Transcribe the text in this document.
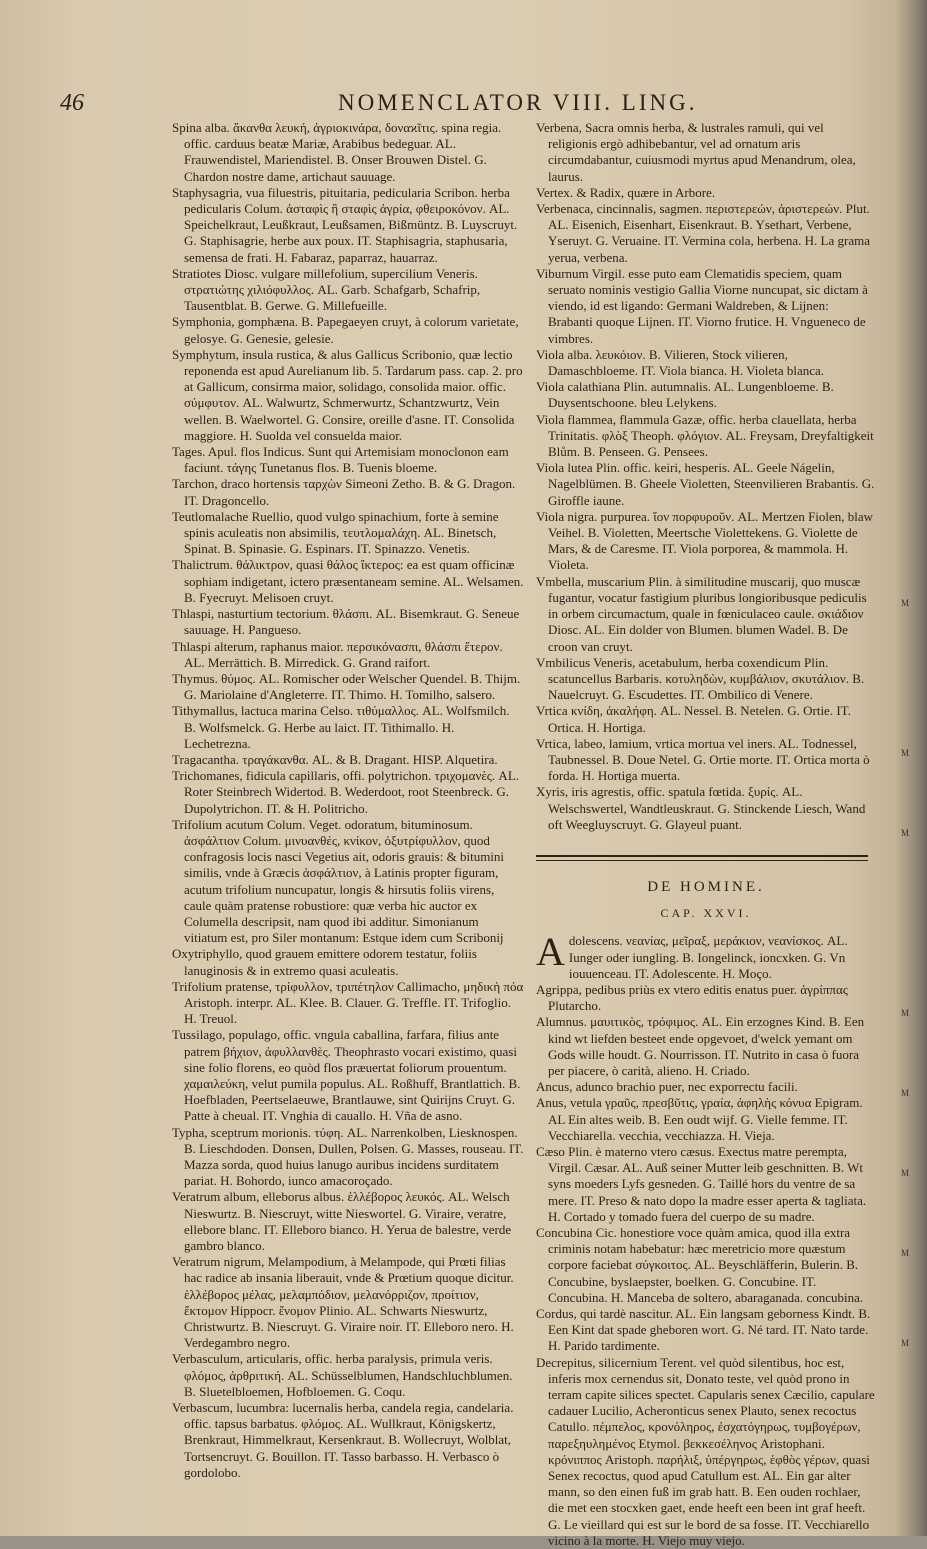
46	NOMENCLATOR VIII. LING.

Spina alba. ἄκανθα λευκή, ἀγριοκινάρα, δοναϰῖτις. spina regia. offic. carduus beatæ Mariæ, Arabibus bedeguar. AL. Frauwendistel, Mariendistel. B. Onser Brouwen Distel. G. Chardon nostre dame, artichaut sauuage.

Staphysagria, vua filuestris, pituitaria, pedicularia Scribon. herba pedicularis Colum. ἀσταφὶς ἢ σταφὶς ἀγρία, φθειροκόνον. AL. Speichelkraut, Leußkraut, Leußsamen, Bißmüntz. B. Luyscruyt. G. Staphisagrie, herbe aux poux. IT. Staphisagria, staphusaria, semensa de frati. H. Fabaraz, paparraz, hauarraz.

Stratiotes Diosc. vulgare millefolium, supercilium Veneris. στρατιώτης χιλιόφυλλος. AL. Garb. Schafgarb, Schafrip, Tausentblat. B. Gerwe. G. Millefueille.

Symphonia, gomphæna. B. Papegaeyen cruyt, à colorum varietate, gelosye. G. Genesie, gelesie.

Symphytum, insula rustica, & alus Gallicus Scribonio, quæ lectio reponenda est apud Aurelianum lib. 5. Tardarum pass. cap. 2. pro at Gallicum, consirma maior, solidago, consolida maior. offic. σύμφυτον. AL. Walwurtz, Schmerwurtz, Schantzwurtz, Vein wellen. B. Waelwortel. G. Consire, oreille d'asne. IT. Consolida maggiore. H. Suolda vel consuelda maior.

Tages. Apul. flos Indicus. Sunt qui Artemisiam monoclonon eam faciunt. τάγης Tunetanus flos. B. Tuenis bloeme.

Tarchon, draco hortensis ταρχὼν Simeoni Zetho. B. & G. Dragon. IT. Dragoncello.

Teutlomalache Ruellio, quod vulgo spinachium, forte à semine spinis aculeatis non absimilis, τευτλομαλάχη. AL. Binetsch, Spinat. B. Spinasie. G. Espinars. IT. Spinazzo. Venetis.

Thalictrum. θάλικτρον, quasi θάλος ἴκτερος: ea est quam officinæ sophiam indigetant, ictero præsentaneam semine. AL. Welsamen. B. Fyecruyt. Melisoen cruyt.

Thlaspi, nasturtium tectorium. θλάσπι. AL. Bisemkraut. G. Seneue sauuage. H. Panguesо.

Thlaspi alterum, raphanus maior. περσικόνασπι, θλάσπι ἕτερον. AL. Merrättich. B. Mirredick. G. Grand raifort.

Thymus. θύμος. AL. Romischer oder Welscher Quendel. B. Thijm. G. Mariolaine d'Angleterre. IT. Thimo. H. Tomilho, salsero.

Tithymallus, lactuca marina Celso. τιθύμαλλος. AL. Wolfsmilch. B. Wolfsmelck. G. Herbe au laict. IT. Tithimallo. H. Lechetrezna.

Tragacantha. τραγάκανθα. AL. & B. Dragant. HISP. Alquetira.

Trichomanes, fidicula capillaris, offi. polytrichon. τριχομανὲς. AL. Roter Steinbrech Widertod. B. Wederdoot, root Steenbreck. G. Dupolytrichon. IT. & H. Politricho.

Trifolium acutum Colum. Veget. odoratum, bituminosum. ἀσφάλτιον Colum. μινυανθές, κνίκον, ὀξυτρίφυλλον, quod confragosis locis nasci Vegetius ait, odoris grauis: & bitumini similis, vnde à Græcis ἀσφάλτιον, à Latinis propter figuram, acutum trifolium nuncupatur, longis & hirsutis foliis virens, caule quàm pratense robustiore: quæ verba hic auctor ex Columella descripsit, nam quod ibi additur. Simonianum vitiatum est, pro Siler montanum: Estque idem cum Scribonij

Oxytriphyllo, quod grauem emittere odorem testatur, foliis lanuginosis & in extremo quasi aculeatis.

Trifolium pratense, τρίφυλλον, τριπέτηλον Callimacho, μηδικὴ πόα Aristoph. interpr. AL. Klee. B. Clauer. G. Treffle. IT. Trifoglio. H. Treuol.

Tussilago, populago, offic. vngula caballina, farfara, filius ante patrem βήχιον, ἀφυλλανθὲς. Theophrasto vocari existimo, quasi sine folio florens, eo quòd flos præuertat foliorum prouentum. χαμαιλεύκη, velut pumila populus. AL. Roßhuff, Brantlattich. B. Hoefbladen, Peertselaeuwe, Brantlauwe, sint Quirijns Cruyt. G. Patte à cheual. IT. Vnghia di cauallo. H. Vña de asno.

Typha, sceptrum morionis. τύφη. AL. Narrenkolben, Liesknospen. B. Lieschdoden. Donsen, Dullen, Polsen. G. Masses, rouseau. IT. Mazza sorda, quod huius lanugo auribus incidens surditatem pariat. H. Bohordo, iunco amacoroçado.

Veratrum album, elleborus albus. ἑλλέβορος λευκός. AL. Welsch Nieswurtz. B. Niescruyt, witte Nieswortel. G. Viraire, veratre, ellebore blanc. IT. Elleboro bianco. H. Yerua de balestre, verde gambro blanco.

Veratrum nigrum, Melampodium, à Melampode, qui Prœti filias hac radice ab insania liberauit, vnde & Prœtium quoque dicitur. ἑλλέβορος μέλας, μελαμπόδιον, μελανόρριζον, πρoίτιον, ἔκτομον Hippocr. ἔνομον Plinio. AL. Schwarts Nieswurtz, Christwurtz. B. Niescruyt. G. Viraire noir. IT. Elleboro nero. H. Verdegambro negro.

Verbasculum, articularis, offic. herba paralysis, primula veris. φλόμος, ἀρθριτική. AL. Schüsselblumen, Handschluchblumen. B. Sluetelbloemen, Hofbloemen. G. Coqu.

Verbascum, lucumbra: lucernalis herba, candela regia, candelaria. offic. tapsus barbatus. φλόμος. AL. Wullkraut, Königskertz, Brenkraut, Himmelkraut, Kersenkraut. B. Wollecruyt, Wolblat, Tortsencruyt. G. Bouillon. IT. Tasso barbasso. H. Verbasco ò gordolobo.

Verbena, Sacra omnis herba, & lustrales ramuli, qui vel religionis ergò adhibebantur, vel ad ornatum aris circumdabantur, cuiusmodi myrtus apud Menandrum, olea, laurus.

Vertex. & Radix, quære in Arbore.

Verbenaca, cincinnalis, sagmen. περιστερεών, ἀριστερεών. Plut. AL. Eisenich, Eisenhart, Eisenkraut. B. Ysethart, Verbene, Yseruyt. G. Veruaine. IT. Vermina cola, herbena. H. La grama yerua, verbena.

Viburnum Virgil. esse puto eam Clematidis speciem, quam seruato nominis vestigio Gallia Viorne nuncupat, sic dictam à viendo, id est ligando: Germani Waldreben, & Lijnen: Brabanti quoque Lijnen. IT. Viorno frutice. H. Vngueneco de vimbres.

Viola alba. λευκόιον. B. Vilieren, Stock vilieren, Damaschbloeme. IT. Viola bianca. H. Violeta blanca.

Viola calathiana Plin. autumnalis. AL. Lungenbloeme. B. Duysentschoone. bleu Lelykens.

Viola flammea, flammula Gazæ, offic. herba clauellata, herba Trinitatis. φλὸξ Theoph. φλόγιον. AL. Freysam, Dreyfaltigkeit Blům. B. Penseen. G. Pensees.

Viola lutea Plin. offic. keiri, hesperis. AL. Geele Nágelin, Nagelblümen. B. Gheele Violetten, Steenvilieren Brabantis. G. Giroffle iaune.

Viola nigra. purpurea. ἴον πορφυροῦν. AL. Mertzen Fiolen, blaw Veihel. B. Violetten, Meertsche Violettekens. G. Violette de Mars, & de Caresme. IT. Viola porporea, & mammola. H. Violeta.

Vmbella, muscarium Plin. à similitudine muscarij, quo muscæ fugantur, vocatur fastigium pluribus longioribusque pediculis in orbem circumactum, quale in fœniculaceo caule. σκιάδιον Diosc. AL. Ein dolder von Blumen. blumen Wadel. B. De croon van cruyt.

Vmbilicus Veneris, acetabulum, herba coxendicum Plin. scatuncellus Barbaris. κοτυληδὼν, κυμβάλιον, σκυτάλιον. B. Nauelcruyt. G. Escudettes. IT. Ombilico di Venere.

Vrtica κνίδη, ἀκαλήφη. AL. Nessel. B. Netelen. G. Ortie. IT. Ortica. H. Hortiga.

Vrtica, labeo, lamium, vrtica mortua vel iners. AL. Todnessel, Taubnessel. B. Doue Netel. G. Ortie morte. IT. Ortica morta ò forda. H. Hortiga muerta.

Xyris, iris agrestis, offic. spatula fœtida. ξυρίς. AL. Welschswertel, Wandtleuskraut. G. Stinckende Liesch, Wand oft Weegluyscruyt. G. Glayeul puant.

DE HOMINE.
CAP. XXVI.

Adolescens. νεανίας, μεῖραξ, μεράκιον, νεανίσκος. AL. Iunger oder iungling. B. Iongelinck, ioncxken. G. Vn iouuenceau. IT. Adolescente. H. Moço.

Agrippa, pedibus priùs ex vtero editis enatus puer. ἀγρίππας Plutarcho.

Alumnus. μαυιτικὸς, τρόφιμος. AL. Ein erzognes Kind. B. Een kind wt liefden besteet ende opgevoet, d'welck yemant om Gods wille houdt. G. Nourrisson. IT. Nutrito in casa ò fuora per piacere, ò carità, alieno. H. Criado.

Ancus, adunco brachio puer, nec exporrectu facili.

Anus, vetula γραῦς, πρεσβῦτις, γραία, ἀφηλὴς κόνυα Epigram. AL Ein altes weib. B. Een oudt wijf. G. Vielle femme. IT. Vecchiarella. vecchia, vecchiazza. H. Vieja.

Cæso Plin. è materno vtero cæsus. Exectus matre perempta, Virgil. Cæsar. AL. Auß seiner Mutter leib geschnitten. B. Wt syns moeders Lyfs gesneden. G. Taillé hors du ventre de sa mere. IT. Preso & nato dopo la madre esser aperta & tagliata. H. Cortado y tomado fuera del cuerpo de su madre.

Concubina Cic. honestiore voce quàm amica, quod illa extra criminis notam habebatur: hæc meretricio more quæstum corpore faciebat σύγκοιτος. AL. Beyschläfferin, Bulerin. B. Concubine, byslaepster, boelken. G. Concubine. IT. Concubina. H. Manceba de soltero, abaraganada. concubina.

Cordus, qui tardè nascitur. AL. Ein langsam geborness Kindt. B. Een Kint dat spade gheboren wort. G. Né tard. IT. Nato tarde. H. Parido tardimente.

Decrepitus, silicernium Terent. vel quòd silentibus, hoc est, inferis mox cernendus sit, Donato teste, vel quòd prono in terram capite silices spectet. Capularis senex Cæcilio, capulare cadauer Lucilio, Acheronticus senex Plauto, senex recoctus Catullo. πέμπελος, κρονόληρος, ἐσχατόγηρως, τυμβογέρων, παρεξηυλημένος Etymol. βεκκεσέληνος Aristophani. κρόνιππος Aristoph. παρήλιξ, ὑπέργηρως, ἑφθὸς γέρων, quasi Senex recoctus, quod apud Catullum est. AL. Ein gar alter mann, so den einen fuß im grab hatt. B. Een ouden rochlaer, die met een stocxken gaet, ende heeft een been int graf heeft. G. Le vieillard qui est sur le bord de sa fosse. IT. Vecchiarello vicino à la morte. H. Viejo muy viejo.

M
M
M
M
M
M
M
M
